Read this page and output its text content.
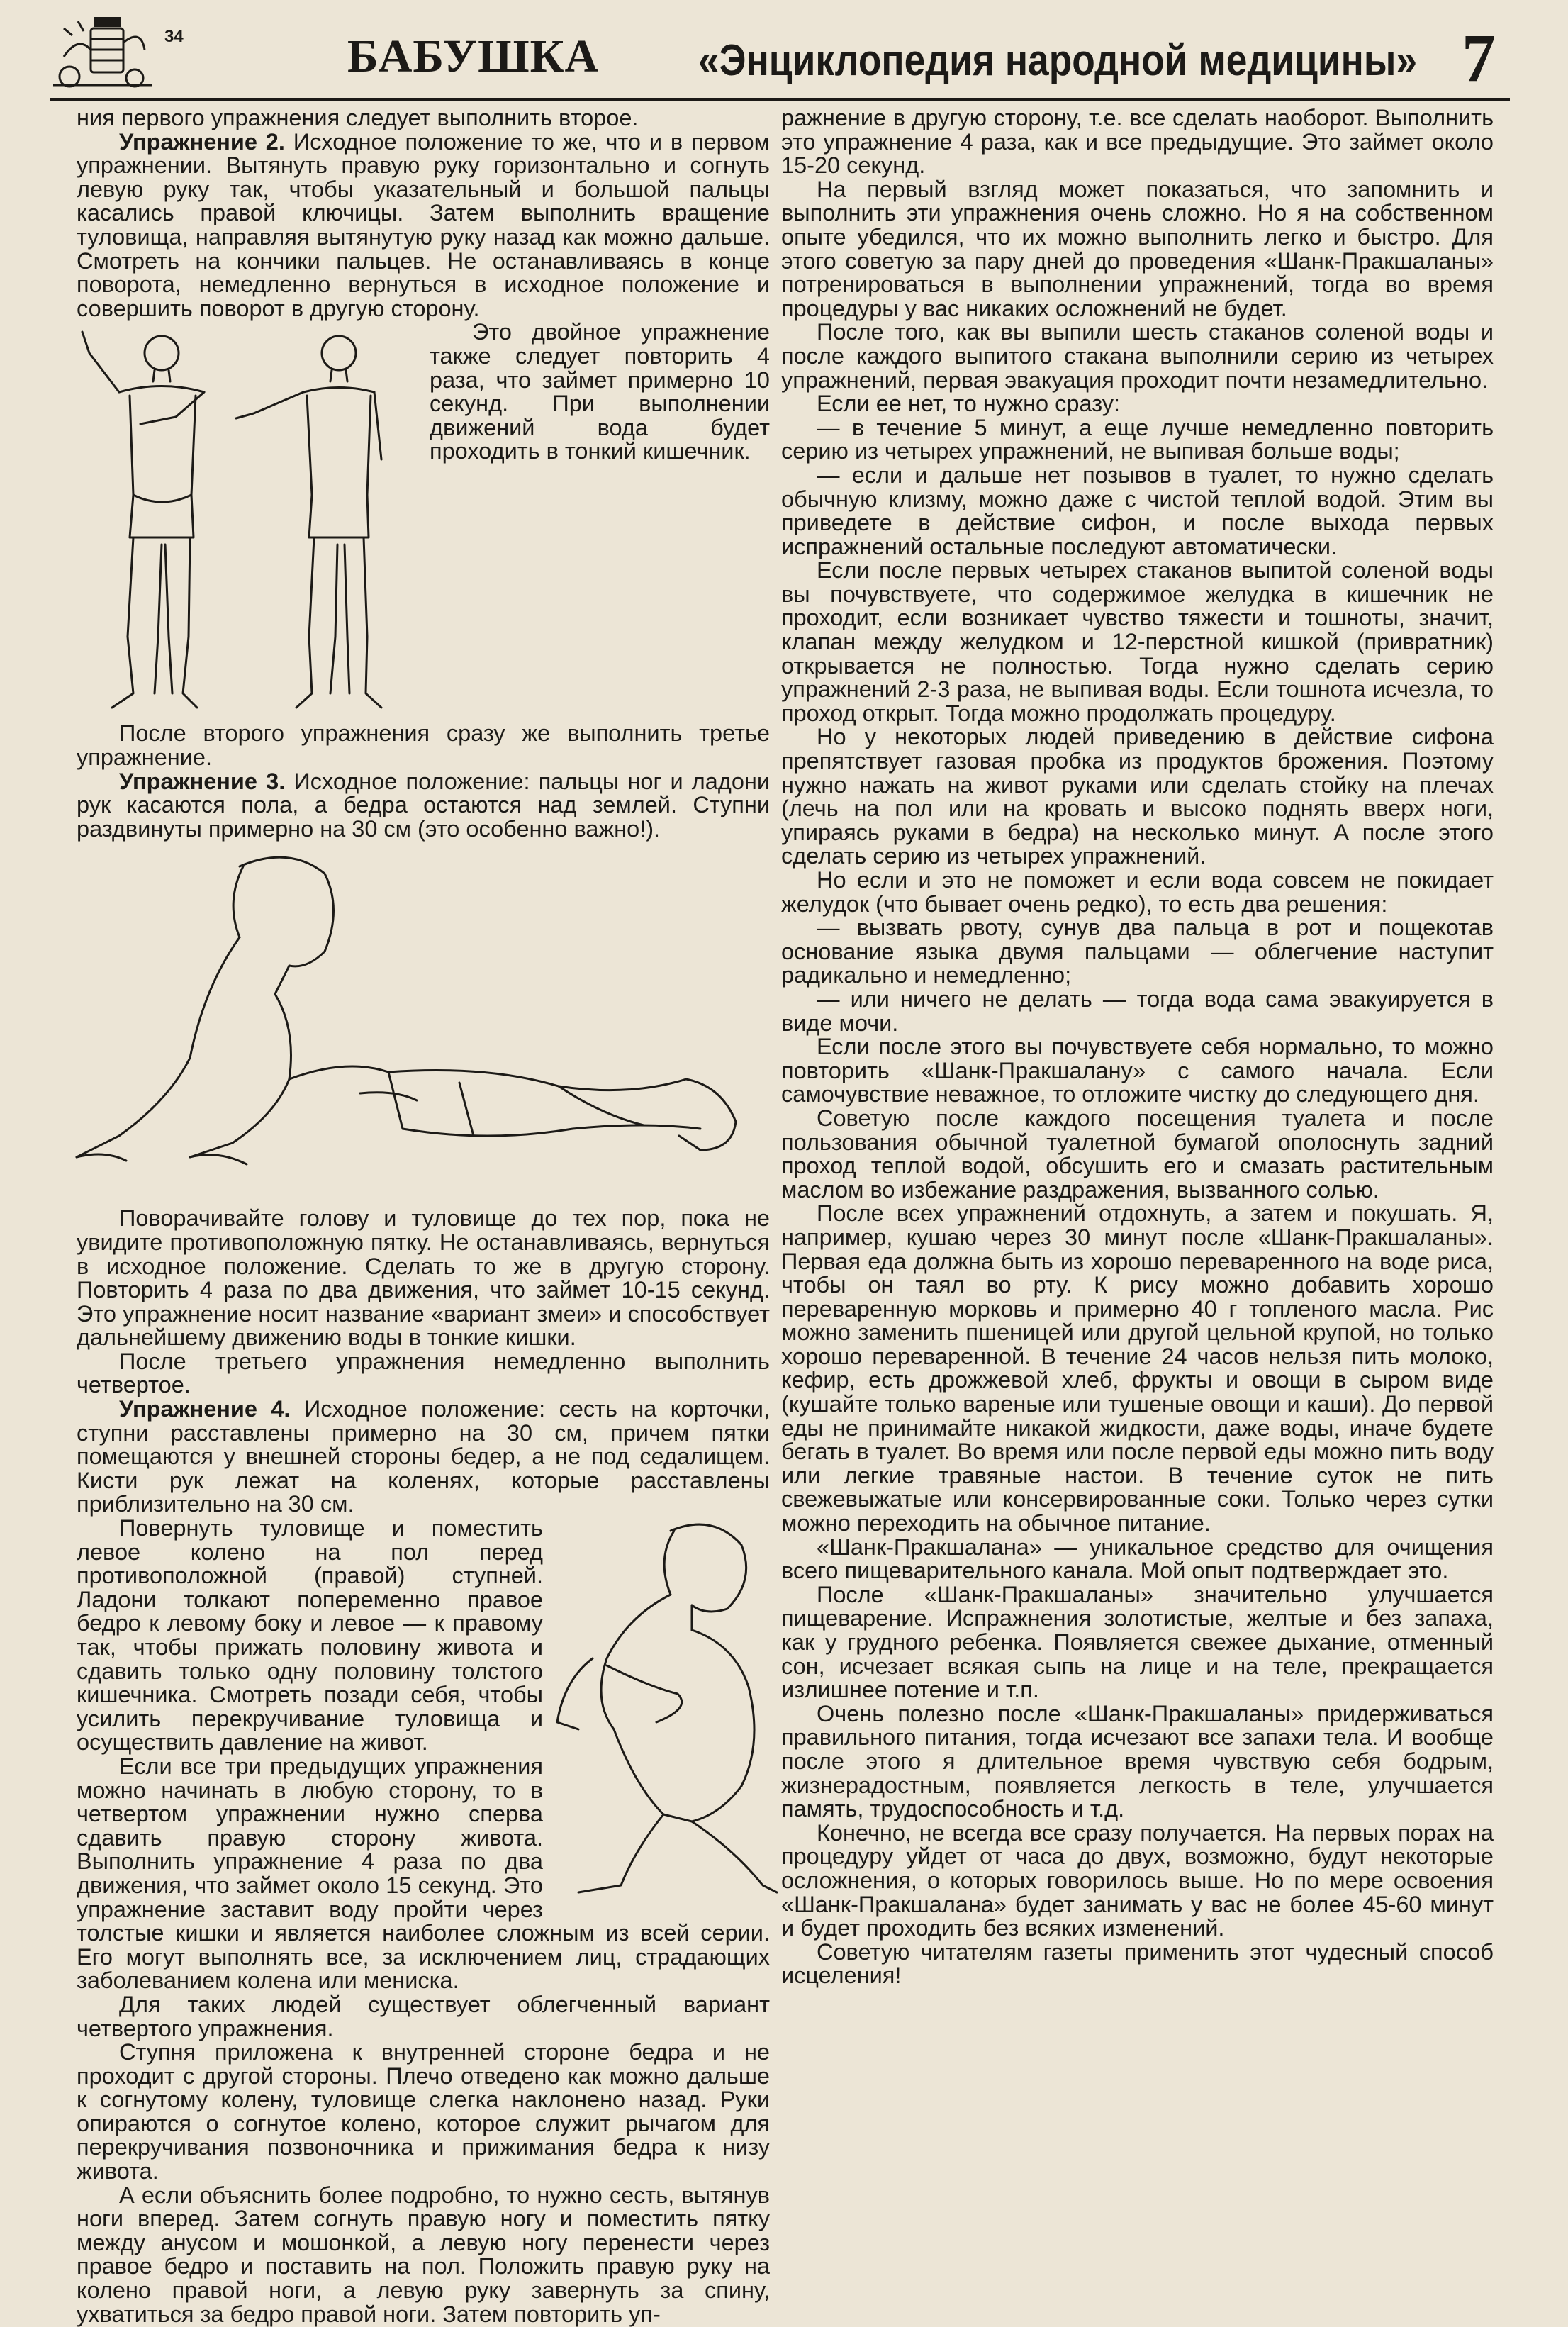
34	БАБУШКА «Энциклопедия народной медицины» 7

ния первого упражнения следует выполнить второе.

Упражнение 2. Исходное положение то же, что и в первом упражнении. Вытянуть правую руку горизонтально и согнуть левую руку так, чтобы указательный и большой пальцы касались правой ключицы. Затем выполнить вращение туловища, направляя вытянутую руку назад как можно дальше. Смотреть на кончики пальцев. Не останавливаясь в конце поворота, немедленно вернуться в исходное положение и совершить поворот в другую сторону.

Это двойное упражнение также следует повторить 4 раза, что займет примерно 10 секунд. При выполнении движений вода будет проходить в тонкий кишечник.

После второго упражнения сразу же выполнить третье упражнение.

Упражнение 3. Исходное положение: пальцы ног и ладони рук касаются пола, а бедра остаются над землей. Ступни раздвинуты примерно на 30 см (это особенно важно!).

Поворачивайте голову и туловище до тех пор, пока не увидите противоположную пятку. Не останавливаясь, вернуться в исходное положение. Сделать то же в другую сторону. Повторить 4 раза по два движения, что займет 10-15 секунд. Это упражнение носит название «вариант змеи» и способствует дальнейшему движению воды в тонкие кишки.

После третьего упражнения немедленно выполнить четвертое.

Упражнение 4. Исходное положение: сесть на корточки, ступни расставлены примерно на 30 см, причем пятки помещаются у внешней стороны бедер, а не под седалищем. Кисти рук лежат на коленях, которые расставлены приблизительно на 30 см.

Повернуть туловище и поместить левое колено на пол перед противоположной (правой) ступней. Ладони толкают попеременно правое бедро к левому боку и левое — к правому так, чтобы прижать половину живота и сдавить только одну половину толстого кишечника. Смотреть позади себя, чтобы усилить перекручивание туловища и осуществить давление на живот.

Если все три предыдущих упражнения можно начинать в любую сторону, то в четвертом упражнении нужно сперва сдавить правую сторону живота. Выполнить упражнение 4 раза по два движения, что займет около 15 секунд. Это упражнение заставит воду пройти через толстые кишки и является наиболее сложным из всей серии. Его могут выполнять все, за исключением лиц, страдающих заболеванием колена или мениска.

Для таких людей существует облегченный вариант четвертого упражнения.

Ступня приложена к внутренней стороне бедра и не проходит с другой стороны. Плечо отведено как можно дальше к согнутому колену, туловище слегка наклонено назад. Руки опираются о согнутое колено, которое служит рычагом для перекручивания позвоночника и прижимания бедра к низу живота.

А если объяснить более подробно, то нужно сесть, вытянув ноги вперед. Затем согнуть правую ногу и поместить пятку между анусом и мошонкой, а левую ногу перенести через правое бедро и поставить на пол. Положить правую руку на колено правой ноги, а левую руку завернуть за спину, ухватиться за бедро правой ноги. Затем повторить уп-

ражнение в другую сторону, т.е. все сделать наоборот. Выполнить это упражнение 4 раза, как и все предыдущие. Это займет около 15-20 секунд.

На первый взгляд может показаться, что запомнить и выполнить эти упражнения очень сложно. Но я на собственном опыте убедился, что их можно выполнить легко и быстро. Для этого советую за пару дней до проведения «Шанк-Пракшаланы» потренироваться в выполнении упражнений, тогда во время процедуры у вас никаких осложнений не будет.

После того, как вы выпили шесть стаканов соленой воды и после каждого выпитого стакана выполнили серию из четырех упражнений, первая эвакуация проходит почти незамедлительно.

Если ее нет, то нужно сразу:

— в течение 5 минут, а еще лучше немедленно повторить серию из четырех упражнений, не выпивая больше воды;

— если и дальше нет позывов в туалет, то нужно сделать обычную клизму, можно даже с чистой теплой водой. Этим вы приведете в действие сифон, и после выхода первых испражнений остальные последуют автоматически.

Если после первых четырех стаканов выпитой соленой воды вы почувствуете, что содержимое желудка в кишечник не проходит, если возникает чувство тяжести и тошноты, значит, клапан между желудком и 12-перстной кишкой (привратник) открывается не полностью. Тогда нужно сделать серию упражнений 2-3 раза, не выпивая воды. Если тошнота исчезла, то проход открыт. Тогда можно продолжать процедуру.

Но у некоторых людей приведению в действие сифона препятствует газовая пробка из продуктов брожения. Поэтому нужно нажать на живот руками или сделать стойку на плечах (лечь на пол или на кровать и высоко поднять вверх ноги, упираясь руками в бедра) на несколько минут. А после этого сделать серию из четырех упражнений.

Но если и это не поможет и если вода совсем не покидает желудок (что бывает очень редко), то есть два решения:

— вызвать рвоту, сунув два пальца в рот и пощекотав основание языка двумя пальцами — облегчение наступит радикально и немедленно;

— или ничего не делать — тогда вода сама эвакуируется в виде мочи.

Если после этого вы почувствуете себя нормально, то можно повторить «Шанк-Пракшалану» с самого начала. Если самочувствие неважное, то отложите чистку до следующего дня.

Советую после каждого посещения туалета и после пользования обычной туалетной бумагой ополоснуть задний проход теплой водой, обсушить его и смазать растительным маслом во избежание раздражения, вызванного солью.

После всех упражнений отдохнуть, а затем и покушать. Я, например, кушаю через 30 минут после «Шанк-Пракшаланы». Первая еда должна быть из хорошо переваренного на воде риса, чтобы он таял во рту. К рису можно добавить хорошо переваренную морковь и примерно 40 г топленого масла. Рис можно заменить пшеницей или другой цельной крупой, но только хорошо переваренной. В течение 24 часов нельзя пить молоко, кефир, есть дрожжевой хлеб, фрукты и овощи в сыром виде (кушайте только вареные или тушеные овощи и каши). До первой еды не принимайте никакой жидкости, даже воды, иначе будете бегать в туалет. Во время или после первой еды можно пить воду или легкие травяные настои. В течение суток не пить свежевыжатые или консервированные соки. Только через сутки можно переходить на обычное питание.

«Шанк-Пракшалана» — уникальное средство для очищения всего пищеварительного канала. Мой опыт подтверждает это.

После «Шанк-Пракшаланы» значительно улучшается пищеварение. Испражнения золотистые, желтые и без запаха, как у грудного ребенка. Появляется свежее дыхание, отменный сон, исчезает всякая сыпь на лице и на теле, прекращается излишнее потение и т.п.

Очень полезно после «Шанк-Пракшаланы» придерживаться правильного питания, тогда исчезают все запахи тела. И вообще после этого я длительное время чувствую себя бодрым, жизнерадостным, появляется легкость в теле, улучшается память, трудоспособность и т.д.

Конечно, не всегда все сразу получается. На первых порах на процедуру уйдет от часа до двух, возможно, будут некоторые осложнения, о которых говорилось выше. Но по мере освоения «Шанк-Пракшалана» будет занимать у вас не более 45-60 минут и будет проходить без всяких изменений.

Советую читателям газеты применить этот чудесный способ исцеления!
